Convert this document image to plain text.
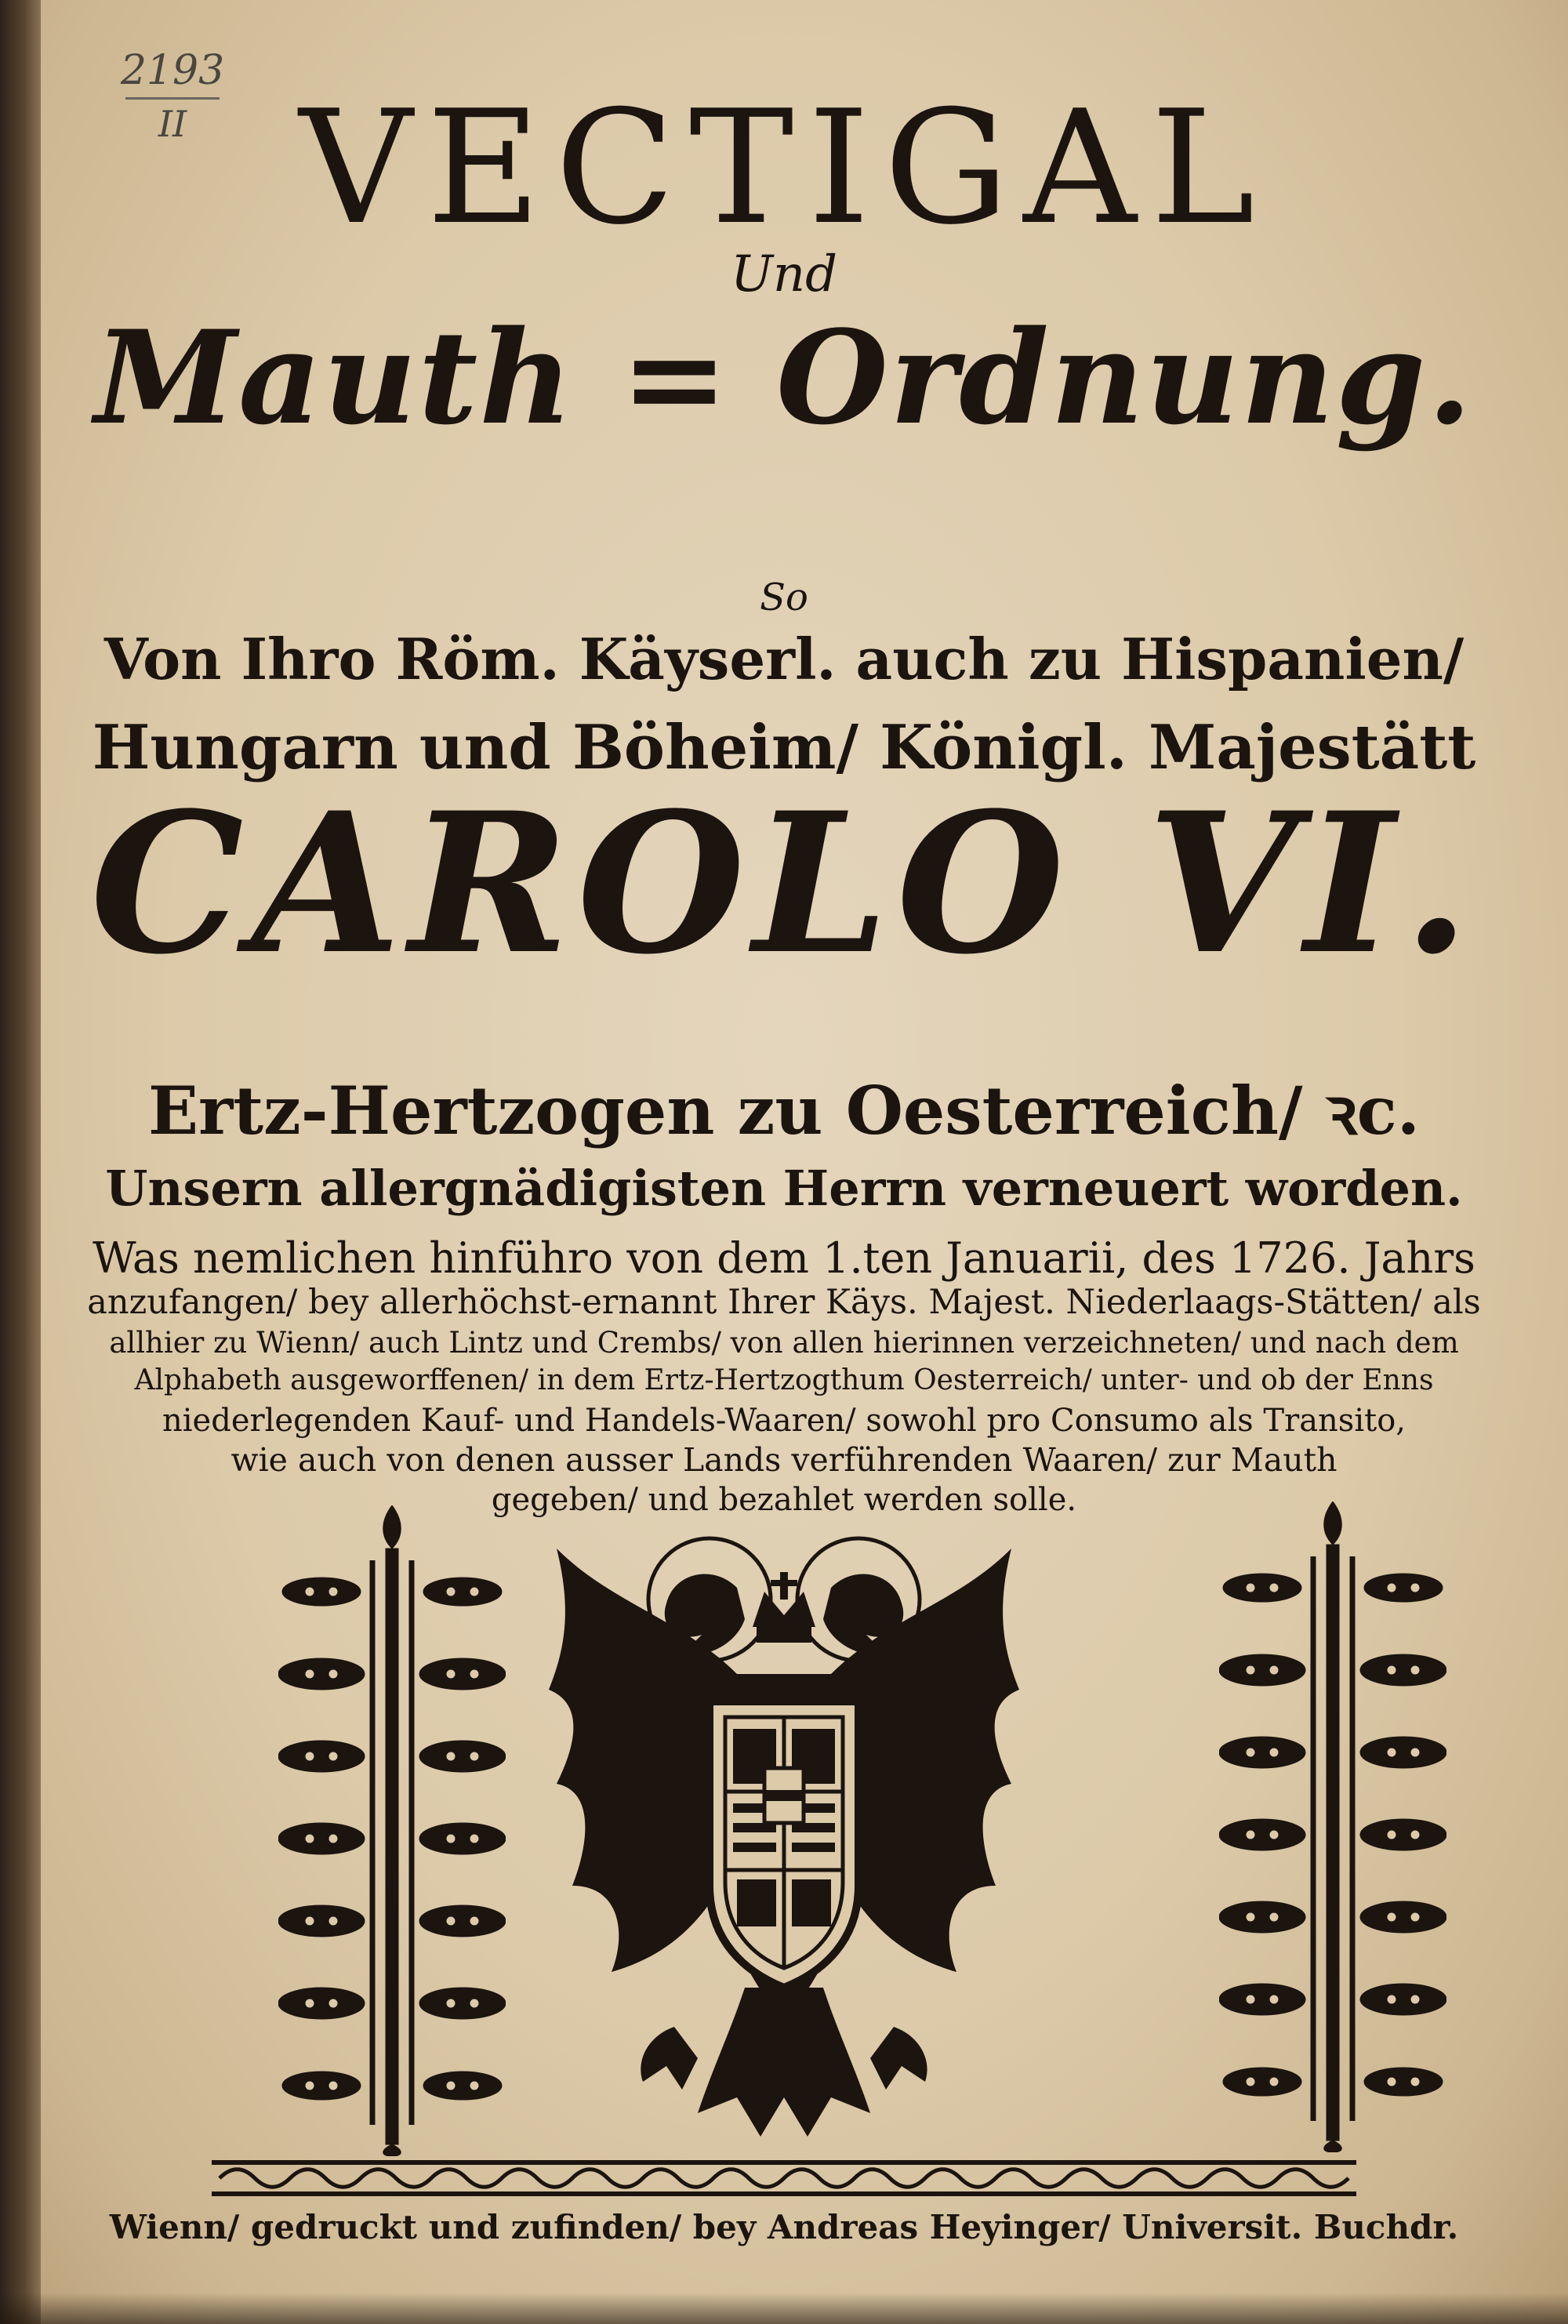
2193
II VECTIGAL
Und
Mauth = Ordnung.
So
Von Ihro Röm. Käyserl. auch zu Hispanien/
Hungarn und Böheim/ Königl. Majestätt
CAROLO VI.
Ertz-Hertzogen zu Oesterreich/ ꝛc.
Unsern allergnädigisten Herrn verneuert worden.
Was nemlichen hinführo von dem 1.ten Januarii, des 1726. Jahrs
anzufangen/ bey allerhöchst-ernannt Ihrer Käys. Majest. Niederlaags-Stätten/ als
allhier zu Wienn/ auch Lintz und Crembs/ von allen hierinnen verzeichneten/ und nach dem
Alphabeth ausgeworffenen/ in dem Ertz-Hertzogthum Oesterreich/ unter- und ob der Enns
niederlegenden Kauf- und Handels-Waaren/ sowohl pro Consumo als Transito,
wie auch von denen ausser Lands verführenden Waaren/ zur Mauth
gegeben/ und bezahlet werden solle.
Wienn/ gedruckt und zufinden/ bey Andreas Heyinger/ Universit. Buchdr.
